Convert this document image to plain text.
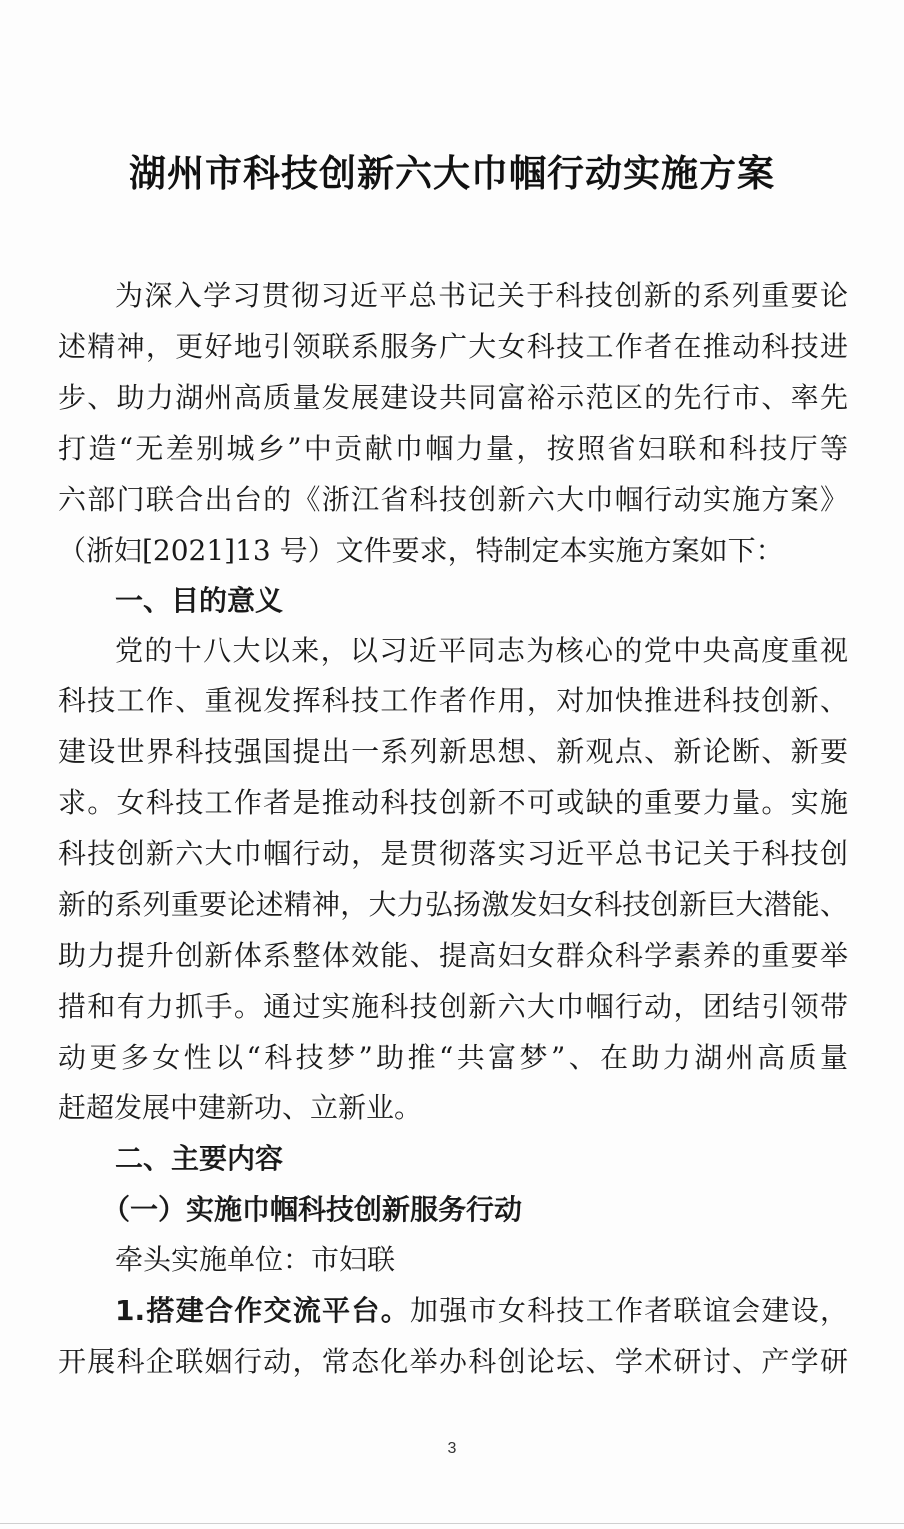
湖州市科技创新六大巾帼行动实施方案
为深入学习贯彻习近平总书记关于科技创新的系列重要论
述精神，更好地引领联系服务广大女科技工作者在推动科技进
步、助力湖州高质量发展建设共同富裕示范区的先行市、率先
打造“无差别城乡”中贡献巾帼力量，按照省妇联和科技厅等
六部门联合出台的《浙江省科技创新六大巾帼行动实施方案》
（浙妇[2021]13 号）文件要求，特制定本实施方案如下：
一、目的意义
党的十八大以来，以习近平同志为核心的党中央高度重视
科技工作、重视发挥科技工作者作用，对加快推进科技创新、
建设世界科技强国提出一系列新思想、新观点、新论断、新要
求。女科技工作者是推动科技创新不可或缺的重要力量。实施
科技创新六大巾帼行动，是贯彻落实习近平总书记关于科技创
新的系列重要论述精神，大力弘扬激发妇女科技创新巨大潜能、
助力提升创新体系整体效能、提高妇女群众科学素养的重要举
措和有力抓手。通过实施科技创新六大巾帼行动，团结引领带
动更多女性以“科技梦”助推“共富梦”、在助力湖州高质量
赶超发展中建新功、立新业。
二、主要内容
（一）实施巾帼科技创新服务行动
牵头实施单位：市妇联
1.搭建合作交流平台。加强市女科技工作者联谊会建设，
开展科企联姻行动，常态化举办科创论坛、学术研讨、产学研
3
